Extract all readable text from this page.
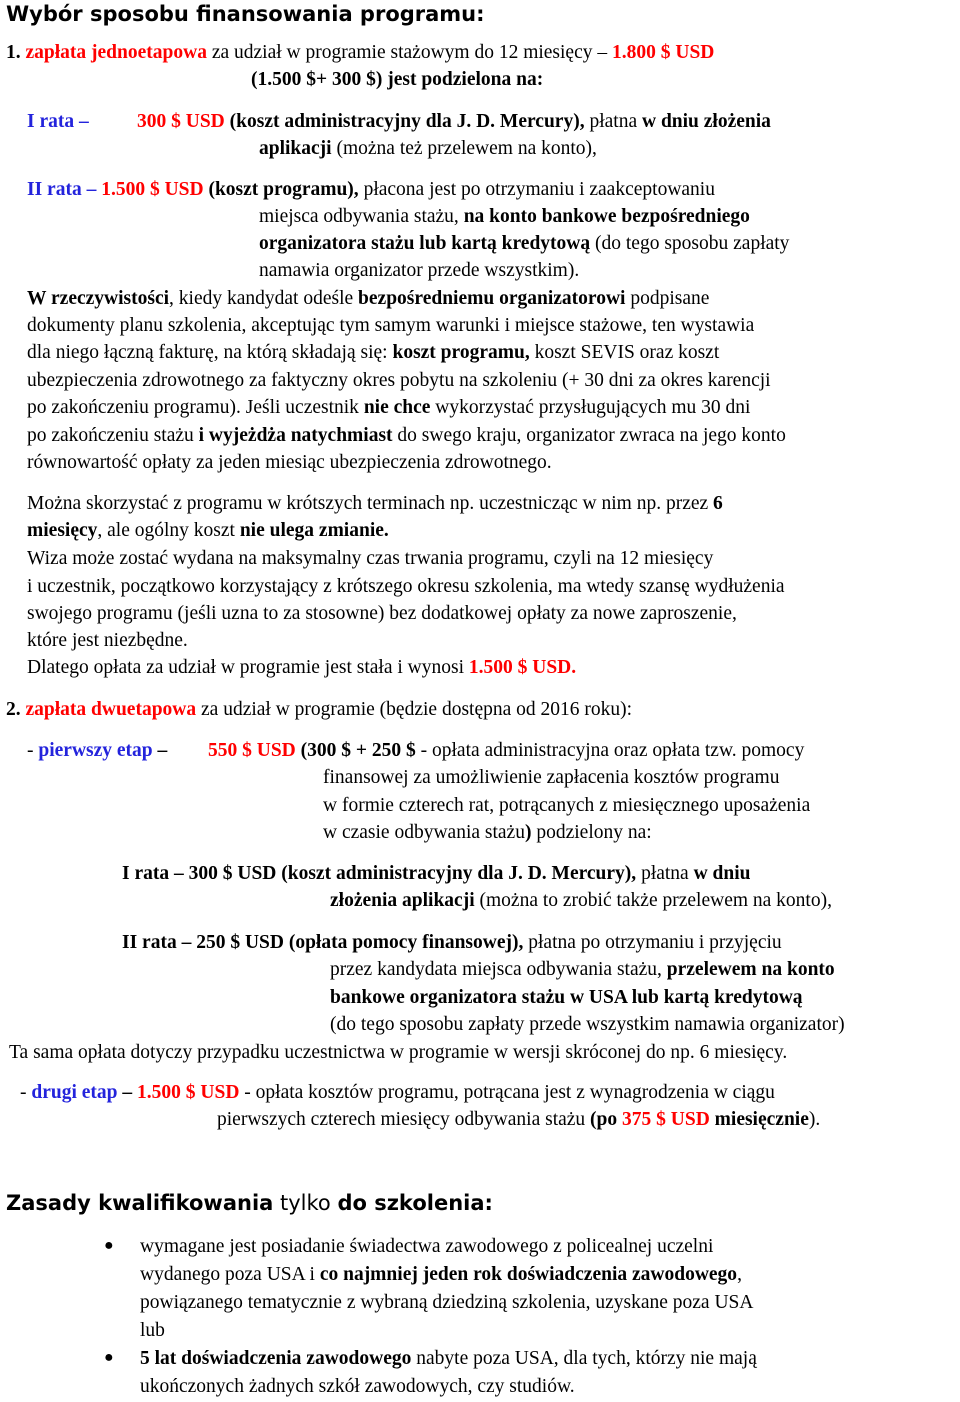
Wybór sposobu finansowania programu:
1. zapłata jednoetapowa za udział w programie stażowym do 12 miesięcy – 1.800 $ USD
(1.500 $+ 300 $) jest podzielona na:
I rata – 300 $ USD (koszt administracyjny dla J. D. Mercury), płatna w dniu złożenia
aplikacji (można też przelewem na konto),
II rata – 1.500 $ USD (koszt programu), płacona jest po otrzymaniu i zaakceptowaniu
miejsca odbywania stażu, na konto bankowe bezpośredniego
organizatora stażu lub kartą kredytową (do tego sposobu zapłaty
namawia organizator przede wszystkim).
W rzeczywistości, kiedy kandydat odeśle bezpośredniemu organizatorowi podpisane
dokumenty planu szkolenia, akceptując tym samym warunki i miejsce stażowe, ten wystawia
dla niego łączną fakturę, na którą składają się: koszt programu, koszt SEVIS oraz koszt
ubezpieczenia zdrowotnego za faktyczny okres pobytu na szkoleniu (+ 30 dni za okres karencji
po zakończeniu programu). Jeśli uczestnik nie chce wykorzystać przysługujących mu 30 dni
po zakończeniu stażu i wyjeżdża natychmiast do swego kraju, organizator zwraca na jego konto
równowartość opłaty za jeden miesiąc ubezpieczenia zdrowotnego.
Można skorzystać z programu w krótszych terminach np. uczestnicząc w nim np. przez 6
miesięcy, ale ogólny koszt nie ulega zmianie.
Wiza może zostać wydana na maksymalny czas trwania programu, czyli na 12 miesięcy
i uczestnik, początkowo korzystający z krótszego okresu szkolenia, ma wtedy szansę wydłużenia
swojego programu (jeśli uzna to za stosowne) bez dodatkowej opłaty za nowe zaproszenie,
które jest niezbędne.
Dlatego opłata za udział w programie jest stała i wynosi 1.500 $ USD.
2. zapłata dwuetapowa za udział w programie (będzie dostępna od 2016 roku):
- pierwszy etap – 550 $ USD (300 $ + 250 $ - opłata administracyjna oraz opłata tzw. pomocy
finansowej za umożliwienie zapłacenia kosztów programu
w formie czterech rat, potrącanych z miesięcznego uposażenia
w czasie odbywania stażu) podzielony na:
I rata – 300 $ USD (koszt administracyjny dla J. D. Mercury), płatna w dniu
złożenia aplikacji (można to zrobić także przelewem na konto),
II rata – 250 $ USD (opłata pomocy finansowej), płatna po otrzymaniu i przyjęciu
przez kandydata miejsca odbywania stażu, przelewem na konto
bankowe organizatora stażu w USA lub kartą kredytową
(do tego sposobu zapłaty przede wszystkim namawia organizator)
Ta sama opłata dotyczy przypadku uczestnictwa w programie w wersji skróconej do np. 6 miesięcy.
- drugi etap – 1.500 $ USD - opłata kosztów programu, potrącana jest z wynagrodzenia w ciągu
pierwszych czterech miesięcy odbywania stażu (po 375 $ USD miesięcznie).
Zasady kwalifikowania tylko do szkolenia:
● wymagane jest posiadanie świadectwa zawodowego z policealnej uczelni
wydanego poza USA i co najmniej jeden rok doświadczenia zawodowego,
powiązanego tematycznie z wybraną dziedziną szkolenia, uzyskane poza USA
lub
● 5 lat doświadczenia zawodowego nabyte poza USA, dla tych, którzy nie mają
ukończonych żadnych szkół zawodowych, czy studiów.
